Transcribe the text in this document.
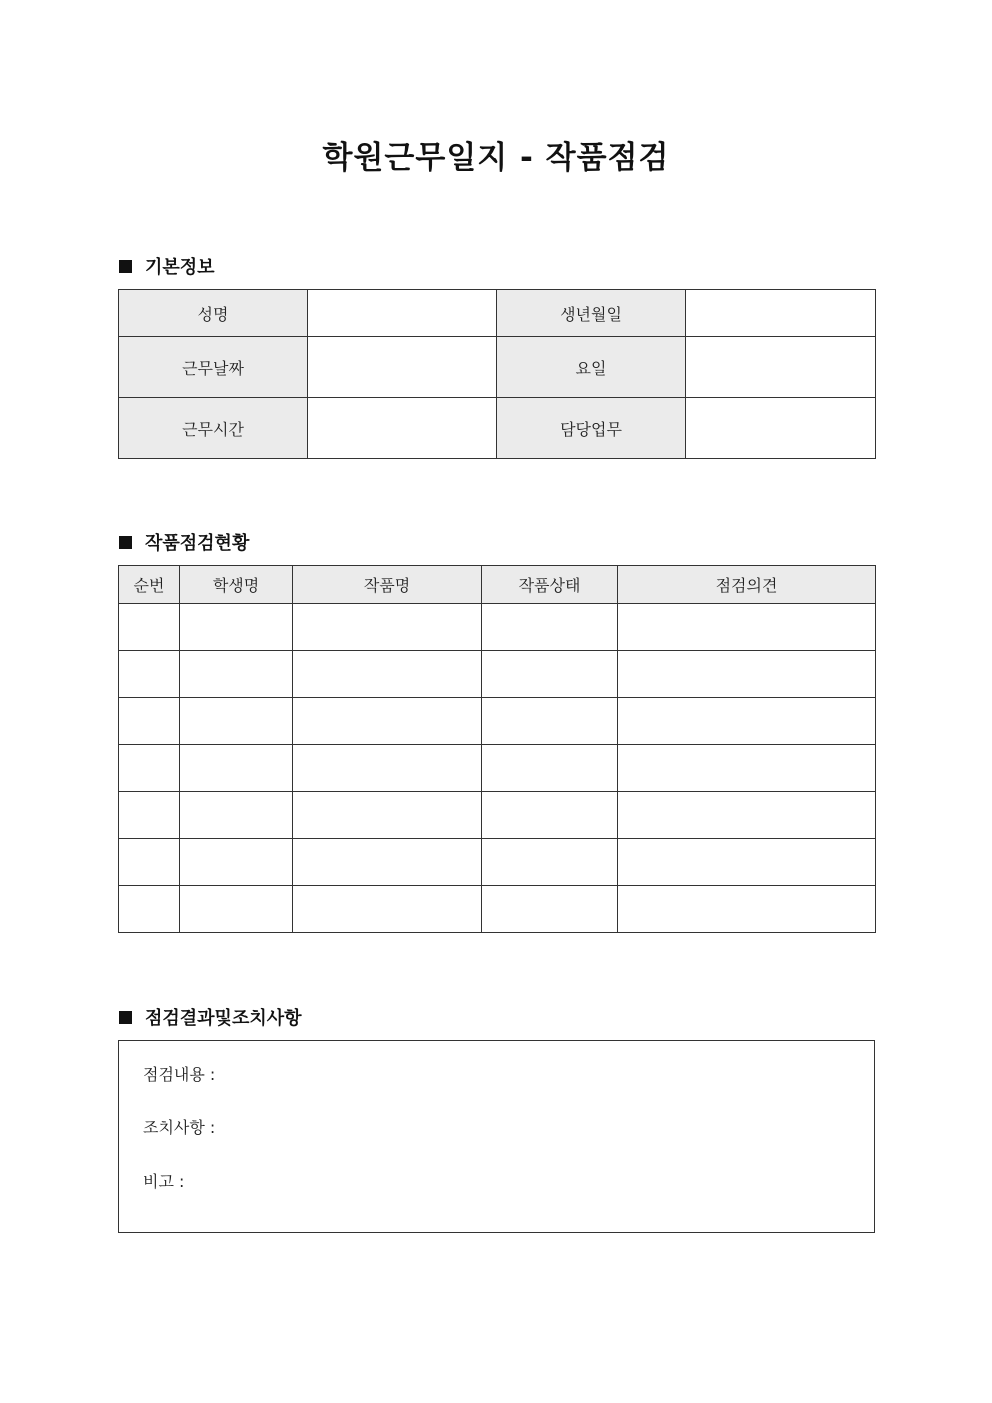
학원근무일지 - 작품점검
기본정보
성명		생년월일	
근무날짜		요일	
근무시간		담당업무	
작품점검현황
순번	학생명	작품명	작품상태	점검의견

점검결과및조치사항
점검내용 :
조치사항 :
비고 :
